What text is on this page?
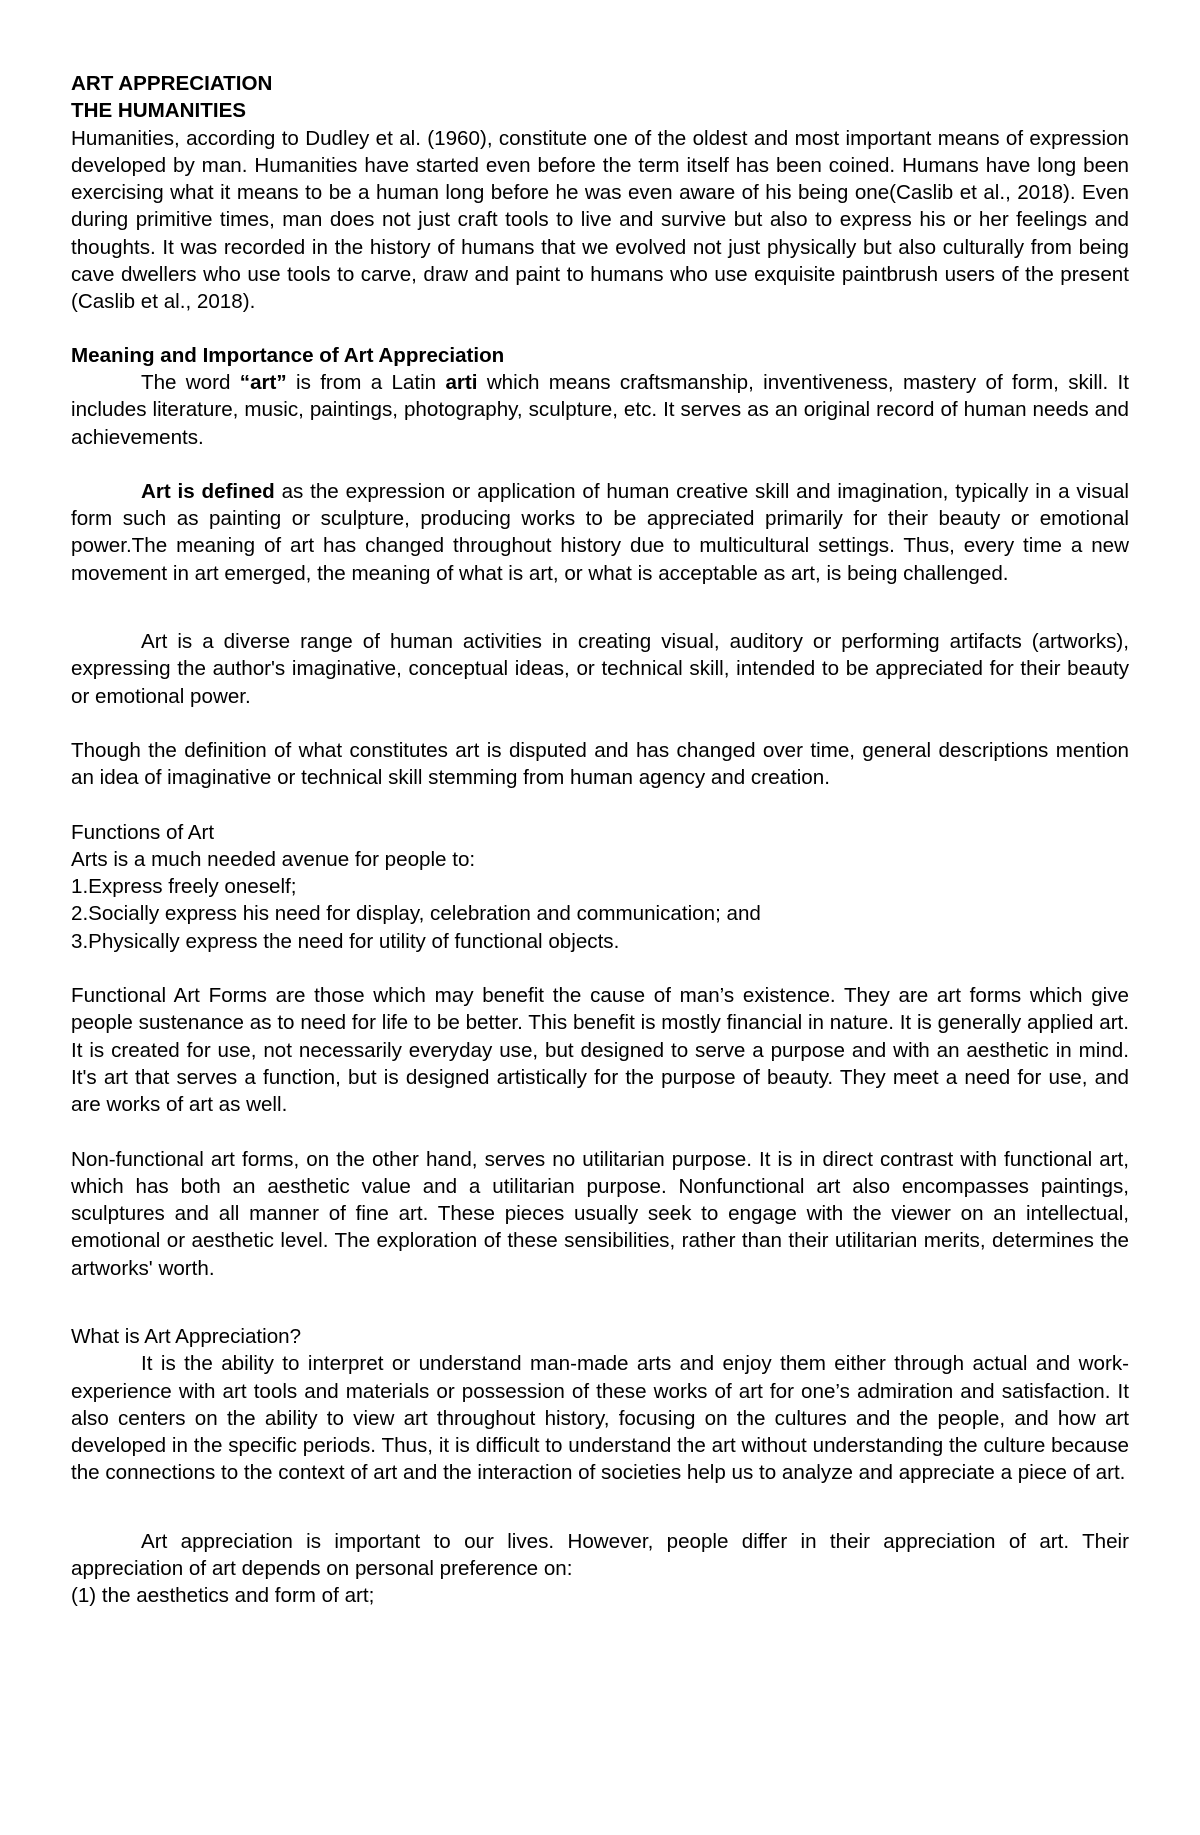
ART APPRECIATION

THE HUMANITIES

Humanities, according to Dudley et al. (1960), constitute one of the oldest and most important means of expression developed by man. Humanities have started even before the term itself has been coined. Humans have long been exercising what it means to be a human long before he was even aware of his being one(Caslib et al., 2018). Even during primitive times, man does not just craft tools to live and survive but also to express his or her feelings and thoughts. It was recorded in the history of humans that we evolved not just physically but also culturally from being cave dwellers who use tools to carve, draw and paint to humans who use exquisite paintbrush users of the present (Caslib et al., 2018).

Meaning and Importance of Art Appreciation

The word “art” is from a Latin arti which means craftsmanship, inventiveness, mastery of form, skill. It includes literature, music, paintings, photography, sculpture, etc. It serves as an original record of human needs and achievements.

Art is defined as the expression or application of human creative skill and imagination, typically in a visual form such as painting or sculpture, producing works to be appreciated primarily for their beauty or emotional power.The meaning of art has changed throughout history due to multicultural settings. Thus, every time a new movement in art emerged, the meaning of what is art, or what is acceptable as art, is being challenged.

Art is a diverse range of human activities in creating visual, auditory or performing artifacts (artworks), expressing the author's imaginative, conceptual ideas, or technical skill, intended to be appreciated for their beauty or emotional power.

Though the definition of what constitutes art is disputed and has changed over time, general descriptions mention an idea of imaginative or technical skill stemming from human agency and creation.

Functions of Art

Arts is a much needed avenue for people to:

1.Express freely oneself;

2.Socially express his need for display, celebration and communication; and

3.Physically express the need for utility of functional objects.

Functional Art Forms are those which may benefit the cause of man’s existence. They are art forms which give people sustenance as to need for life to be better. This benefit is mostly financial in nature. It is generally applied art. It is created for use, not necessarily everyday use, but designed to serve a purpose and with an aesthetic in mind. It's art that serves a function, but is designed artistically for the purpose of beauty. They meet a need for use, and are works of art as well.

Non-functional art forms, on the other hand, serves no utilitarian purpose. It is in direct contrast with functional art, which has both an aesthetic value and a utilitarian purpose. Nonfunctional art also encompasses paintings, sculptures and all manner of fine art. These pieces usually seek to engage with the viewer on an intellectual, emotional or aesthetic level. The exploration of these sensibilities, rather than their utilitarian merits, determines the artworks' worth.

What is Art Appreciation?

It is the ability to interpret or understand man-made arts and enjoy them either through actual and work-experience with art tools and materials or possession of these works of art for one’s admiration and satisfaction. It also centers on the ability to view art throughout history, focusing on the cultures and the people, and how art developed in the specific periods. Thus, it is difficult to understand the art without understanding the culture because the connections to the context of art and the interaction of societies help us to analyze and appreciate a piece of art.

Art appreciation is important to our lives. However, people differ in their appreciation of art. Their appreciation of art depends on personal preference on:

(1) the aesthetics and form of art;
